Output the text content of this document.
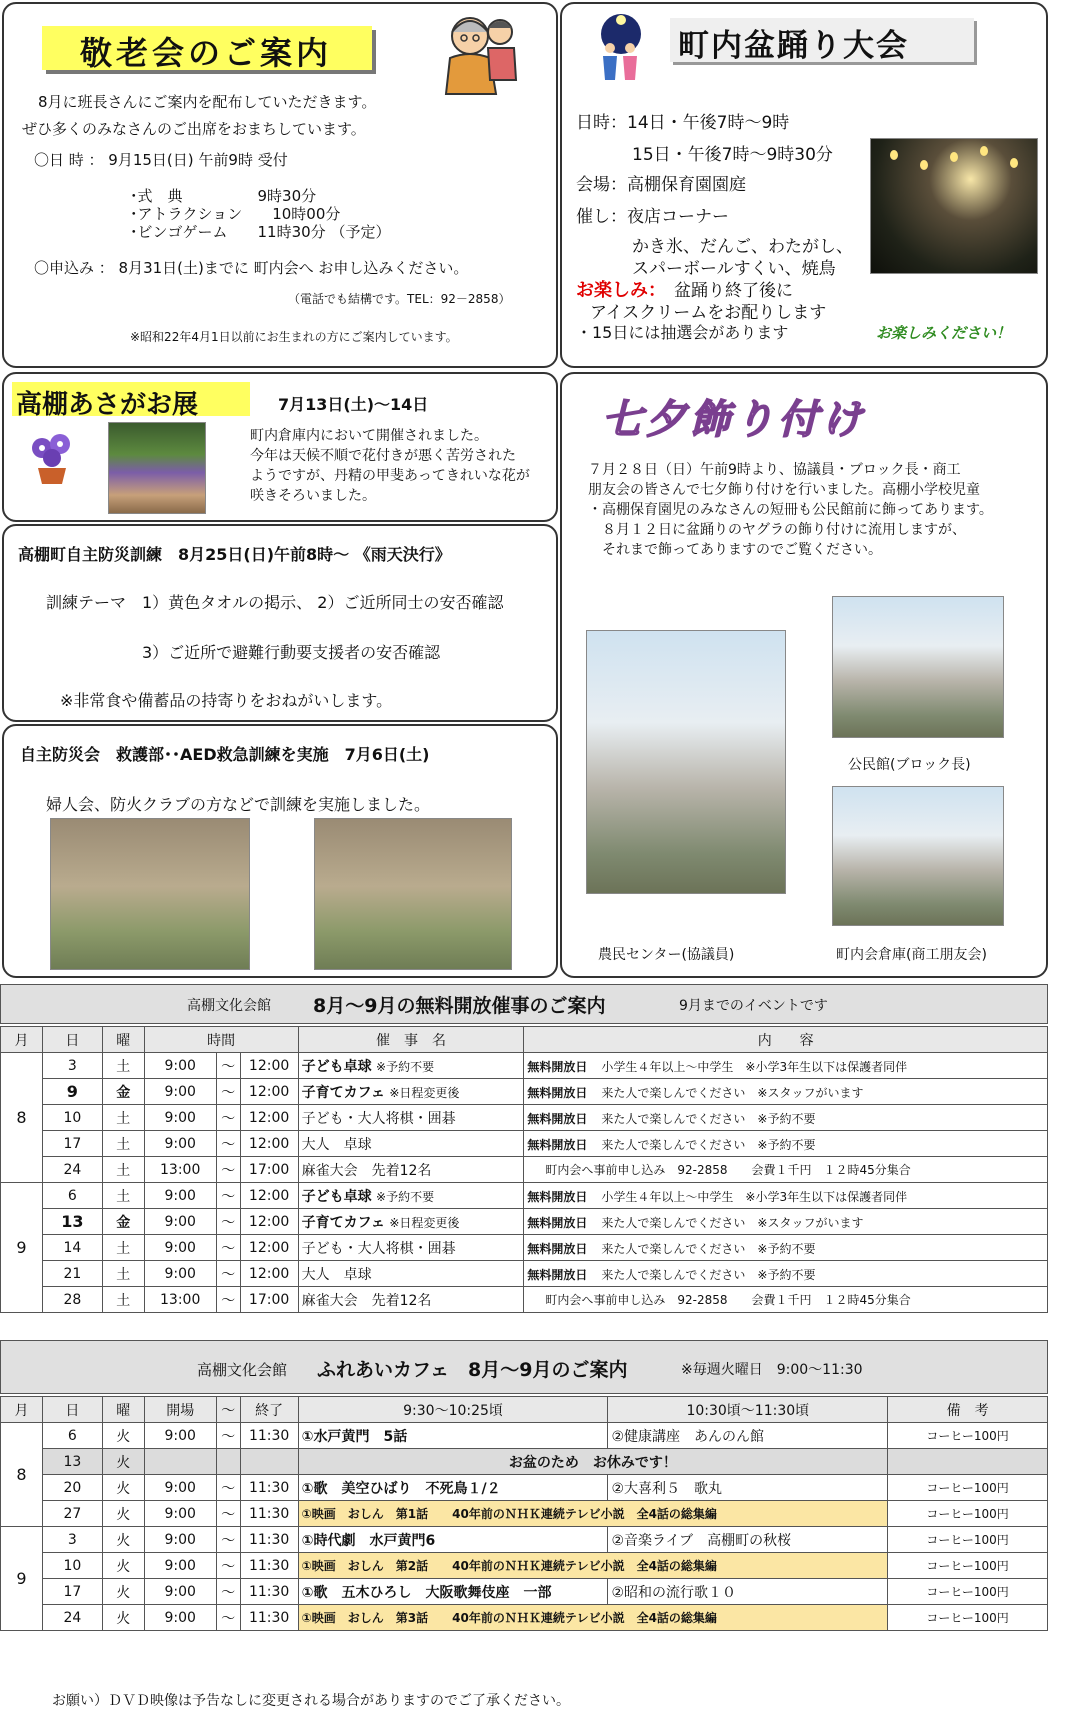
敬老会のご案内
8月に班長さんにご案内を配布していただきます。
ぜひ多くのみなさんのご出席をおまちしています。
〇日 時 ： 9月15日(日) 午前9時 受付
･式　典　　　　　9時30分
･アトラクション　　10時00分
･ビンゴゲーム　　11時30分 （予定）
〇申込み ： 8月31日(土)までに 町内会へ お申し込みください。
（電話でも結構です。TEL：92－2858）
※昭和22年4月1日以前にお生まれの方にご案内しています。
町内盆踊り大会
日時：14日・午後7時～9時
15日・午後7時～9時30分
会場：高棚保育園園庭
催し：夜店コーナー
かき氷、だんご、わたがし、
スパーボールすくい、焼鳥
お楽しみ： 盆踊り終了後に
アイスクリームをお配りします
・15日には抽選会があります	お楽しみください！
高棚あさがお展	7月13日(土)～14日
町内倉庫内において開催されました。
今年は天候不順で花付きが悪く苦労された
ようですが、丹精の甲斐あってきれいな花が
咲きそろいました。
高棚町自主防災訓練　8月25日(日)午前8時～ 《雨天決行》
訓練テーマ　1）黄色タオルの掲示、 2）ご近所同士の安否確認
3）ご近所で避難行動要支援者の安否確認
※非常食や備蓄品の持寄りをおねがいします。
自主防災会　救護部･･AED救急訓練を実施　7月6日(土)
婦人会、防火クラブの方などで訓練を実施しました。
七夕飾り付け
７月２８日（日）午前9時より、協議員・ブロック長・商工
朋友会の皆さんで七夕飾り付けを行いました。高棚小学校児童
・高棚保育園児のみなさんの短冊も公民館前に飾ってあります。
８月１２日に盆踊りのヤグラの飾り付けに流用しますが、
それまで飾ってありますのでご覧ください。
公民館(ブロック長)
農民センター(協議員)	町内会倉庫(商工朋友会)
高棚文化会館 8月～9月の無料開放催事のご案内	9月までのイベントです
月	日	曜	時間			催　事　名	内　　容
8	3	土	9:00	～	12:00	子ども卓球 ※予約不要	無料開放日　 小学生４年以上～中学生　※小学3年生以下は保護者同伴
	9	金	9:00	～	12:00	子育てカフェ ※日程変更後	無料開放日　 来た人で楽しんでください　※スタッフがいます
	10	土	9:00	～	12:00	子ども・大人将棋・囲碁	無料開放日　 来た人で楽しんでください　※予約不要
	17	土	9:00	～	12:00	大人　卓球	無料開放日　 来た人で楽しんでください　※予約不要
	24	土	13:00	～	17:00	麻雀大会　先着12名	町内会へ事前申し込み　92-2858　　会費１千円　１２時45分集合
9	6	土	9:00	～	12:00	子ども卓球 ※予約不要	無料開放日　 小学生４年以上～中学生　※小学3年生以下は保護者同伴
	13	金	9:00	～	12:00	子育てカフェ ※日程変更後	無料開放日　 来た人で楽しんでください　※スタッフがいます
	14	土	9:00	～	12:00	子ども・大人将棋・囲碁	無料開放日　 来た人で楽しんでください　※予約不要
	21	土	9:00	～	12:00	大人　卓球	無料開放日　 来た人で楽しんでください　※予約不要
	28	土	13:00	～	17:00	麻雀大会　先着12名	町内会へ事前申し込み　92-2858　　会費１千円　１２時45分集合
高棚文化会館 ふれあいカフェ　8月～9月のご案内	※毎週火曜日　9:00～11:30
月	日	曜	開場	～	終了	9:30～10:25頃	10:30頃～11:30頃	備　考
8	6	火	9:00	～	11:30	①水戸黄門　5話	②健康講座　あんのん館	コーヒー100円
	13	火				お盆のため　お休みです！		
	20	火	9:00	～	11:30	①歌　美空ひばり　不死鳥１/２	②大喜利５　歌丸	コーヒー100円
	27	火	9:00	～	11:30	①映画　おしん　第1話　　40年前のＮＨＫ連続テレビ小説　全4話の総集編		コーヒー100円
9	3	火	9:00	～	11:30	①時代劇　水戸黄門6	②音楽ライブ　高棚町の秋桜	コーヒー100円
	10	火	9:00	～	11:30	①映画　おしん　第2話　　40年前のＮＨＫ連続テレビ小説　全4話の総集編		コーヒー100円
	17	火	9:00	～	11:30	①歌　五木ひろし　大阪歌舞伎座　一部	②昭和の流行歌１０	コーヒー100円
	24	火	9:00	～	11:30	①映画　おしん　第3話　　40年前のＮＨＫ連続テレビ小説　全4話の総集編		コーヒー100円
お願い）ＤＶＤ映像は予告なしに変更される場合がありますのでご了承ください。
